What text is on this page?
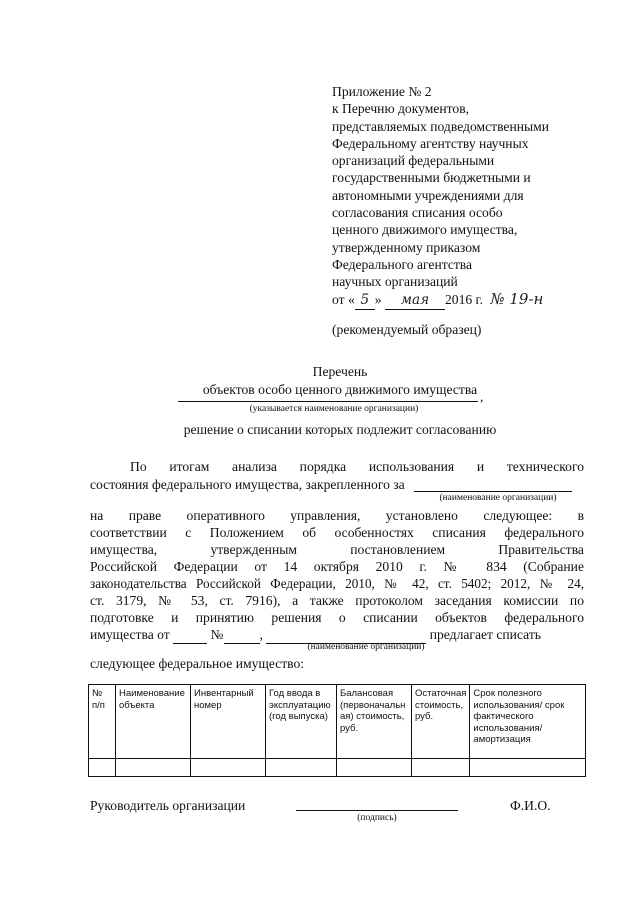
Приложение № 2
к Перечню документов,
представляемых подведомственными
Федеральному агентству научных
организаций федеральными
государственными бюджетными и
автономными учреждениями для
согласования списания особо
ценного движимого имущества,
утвержденному приказом
Федерального агентства
научных организаций
от « 5 » мая 2016 г. № 19-н
(рекомендуемый образец)
Перечень
объектов особо ценного движимого имущества ,
(указывается наименование организации)
решение о списании которых подлежит согласованию
По итогам анализа порядка использования и технического
состояния федерального имущества, закрепленного за
(наименование организации)
на праве оперативного управления, установлено следующее: в
соответствии с Положением об особенностях списания федерального
имущества,	утвержденным	постановлением	Правительства
Российской Федерации от 14 октября 2010 г. № 834 (Собрание
законодательства Российской Федерации, 2010, № 42, ст. 5402; 2012, № 24,
ст. 3179, № 53, ст. 7916), а также протоколом заседания комиссии по
подготовке и принятию решения о списании объектов федерального
имущества от	№	,	предлагает списать
(наименование организации)
следующее федеральное имущество:
№ п/п	Наименование объекта	Инвентарный номер	Год ввода в эксплуатацию (год выпуска)	Балансовая (первоначальн ая) стоимость, руб.	Остаточная стоимость, руб.	Срок полезного использования/ срок фактического использования/ амортизация

Руководитель организации
(подпись)
Ф.И.О.
